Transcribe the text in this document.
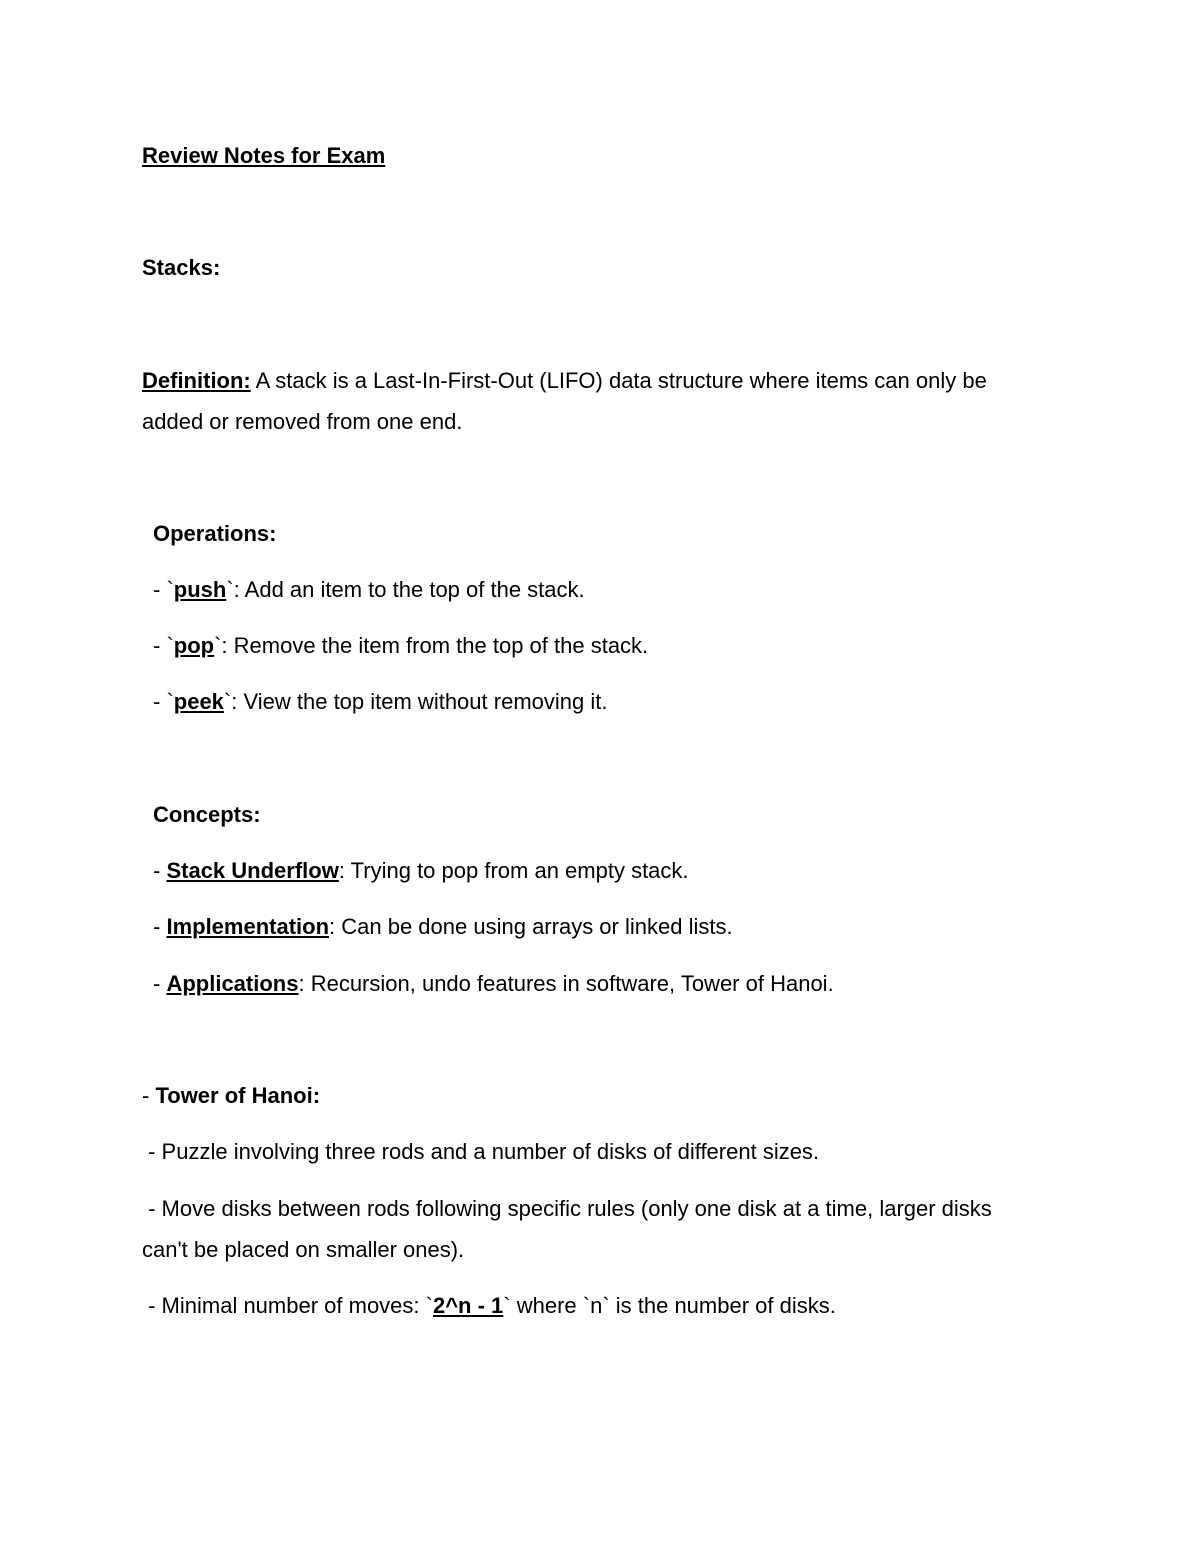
Review Notes for Exam
Stacks:
Definition: A stack is a Last-In-First-Out (LIFO) data structure where items can only be
added or removed from one end.
Operations:
- `push`: Add an item to the top of the stack.
- `pop`: Remove the item from the top of the stack.
- `peek`: View the top item without removing it.
Concepts:
- Stack Underflow: Trying to pop from an empty stack.
- Implementation: Can be done using arrays or linked lists.
- Applications: Recursion, undo features in software, Tower of Hanoi.
- Tower of Hanoi:
- Puzzle involving three rods and a number of disks of different sizes.
- Move disks between rods following specific rules (only one disk at a time, larger disks
can't be placed on smaller ones).
- Minimal number of moves: `2^n - 1` where `n` is the number of disks.
